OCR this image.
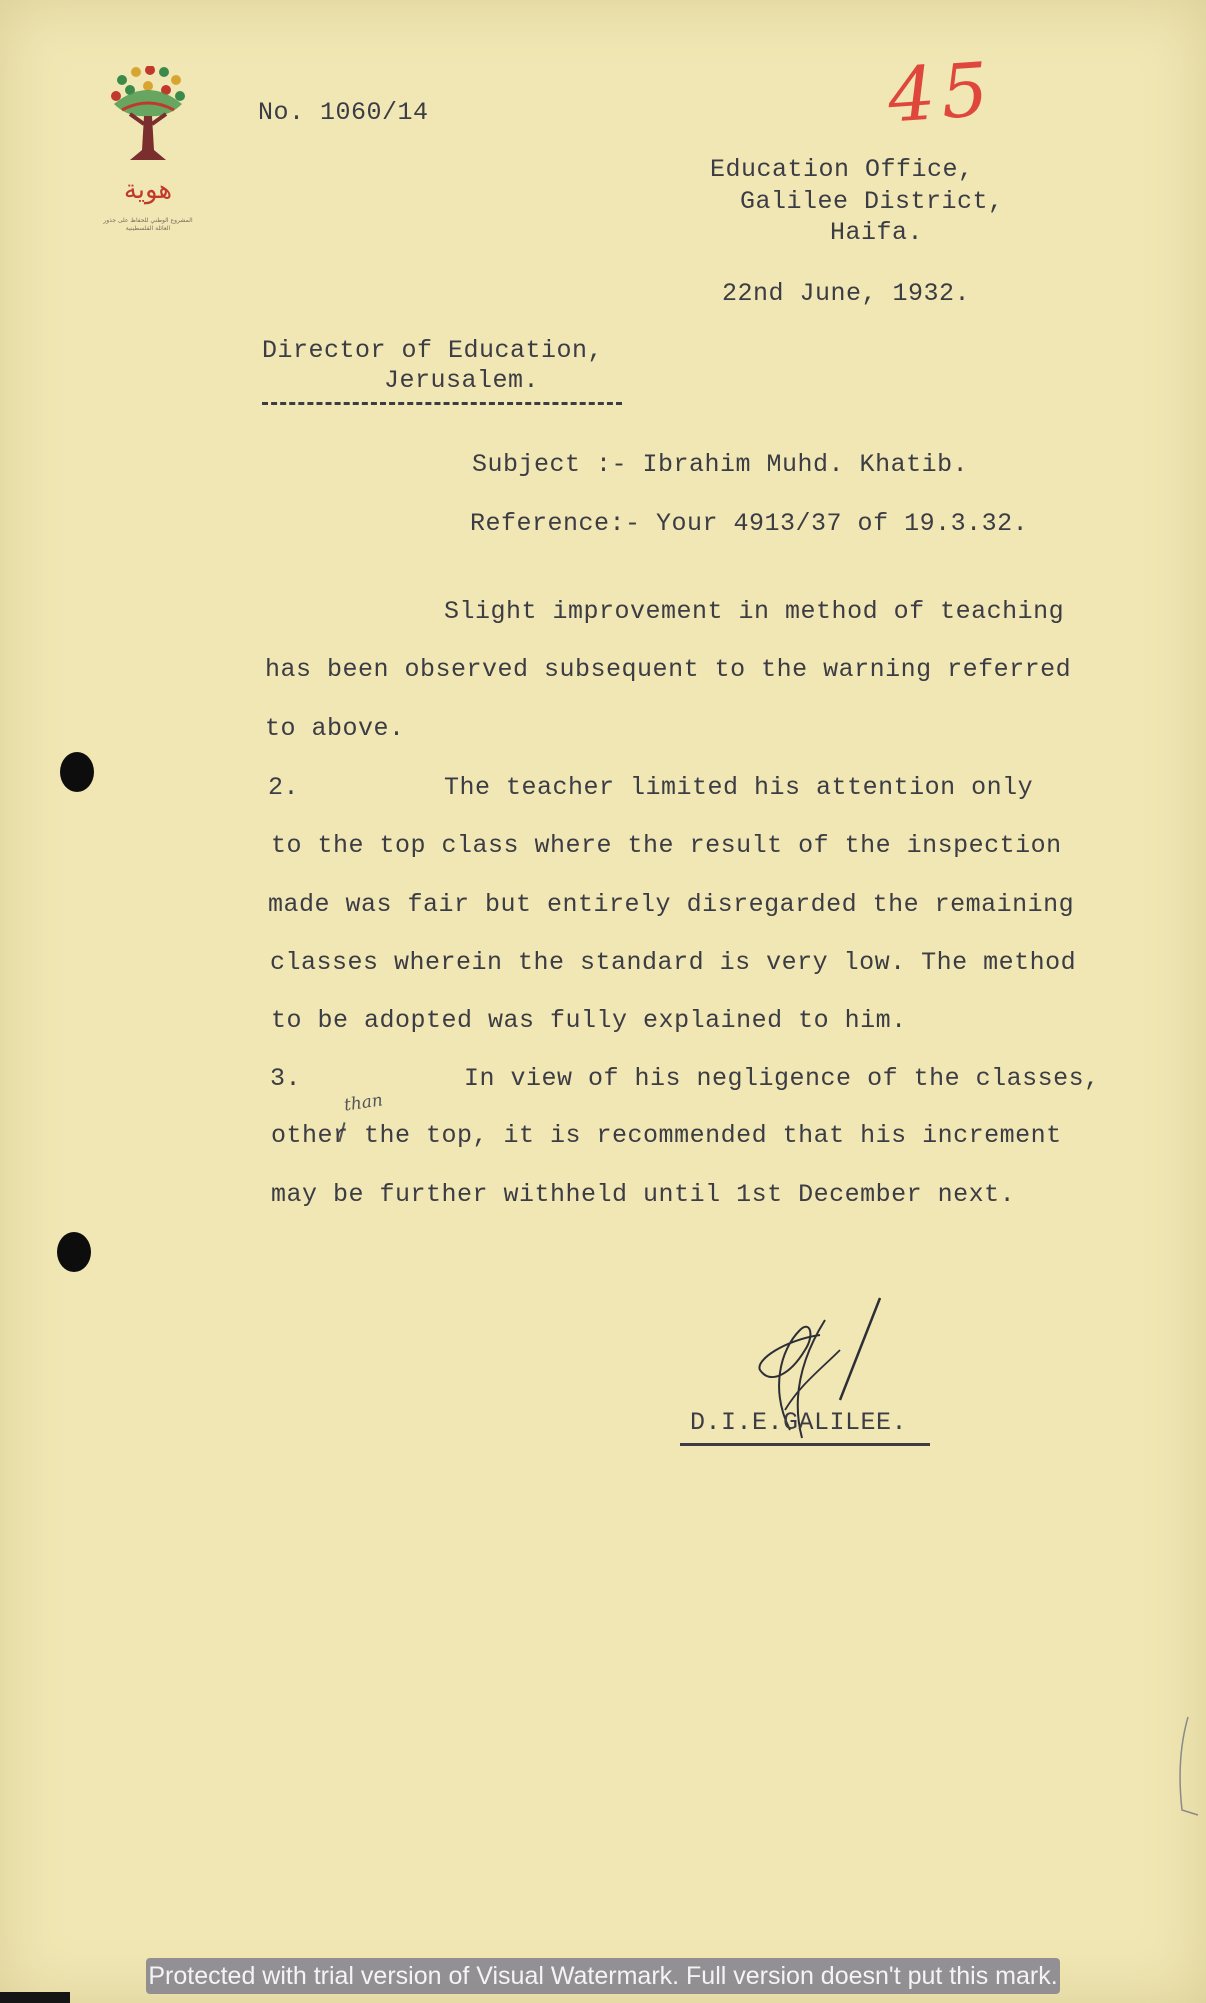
هوية
المشروع الوطني للحفاظ على جذور العائلة الفلسطينية
No. 1060/14	45
Education Office,
Galilee District,
Haifa.
22nd June, 1932.
Director of Education,
Jerusalem.
Subject :- Ibrahim Muhd. Khatib.
Reference:- Your 4913/37 of 19.3.32.
Slight improvement in method of teaching
has been observed subsequent to the warning referred
to above.
2.	The teacher limited his attention only
to the top class where the result of the inspection
made was fair but entirely disregarded the remaining
classes wherein the standard is very low. The method
to be adopted was fully explained to him.
3.	In view of his negligence of the classes,
than
other the top, it is recommended that his increment
may be further withheld until 1st December next.
D.I.E.GALILEE.
Protected with trial version of Visual Watermark. Full version doesn't put this mark.
